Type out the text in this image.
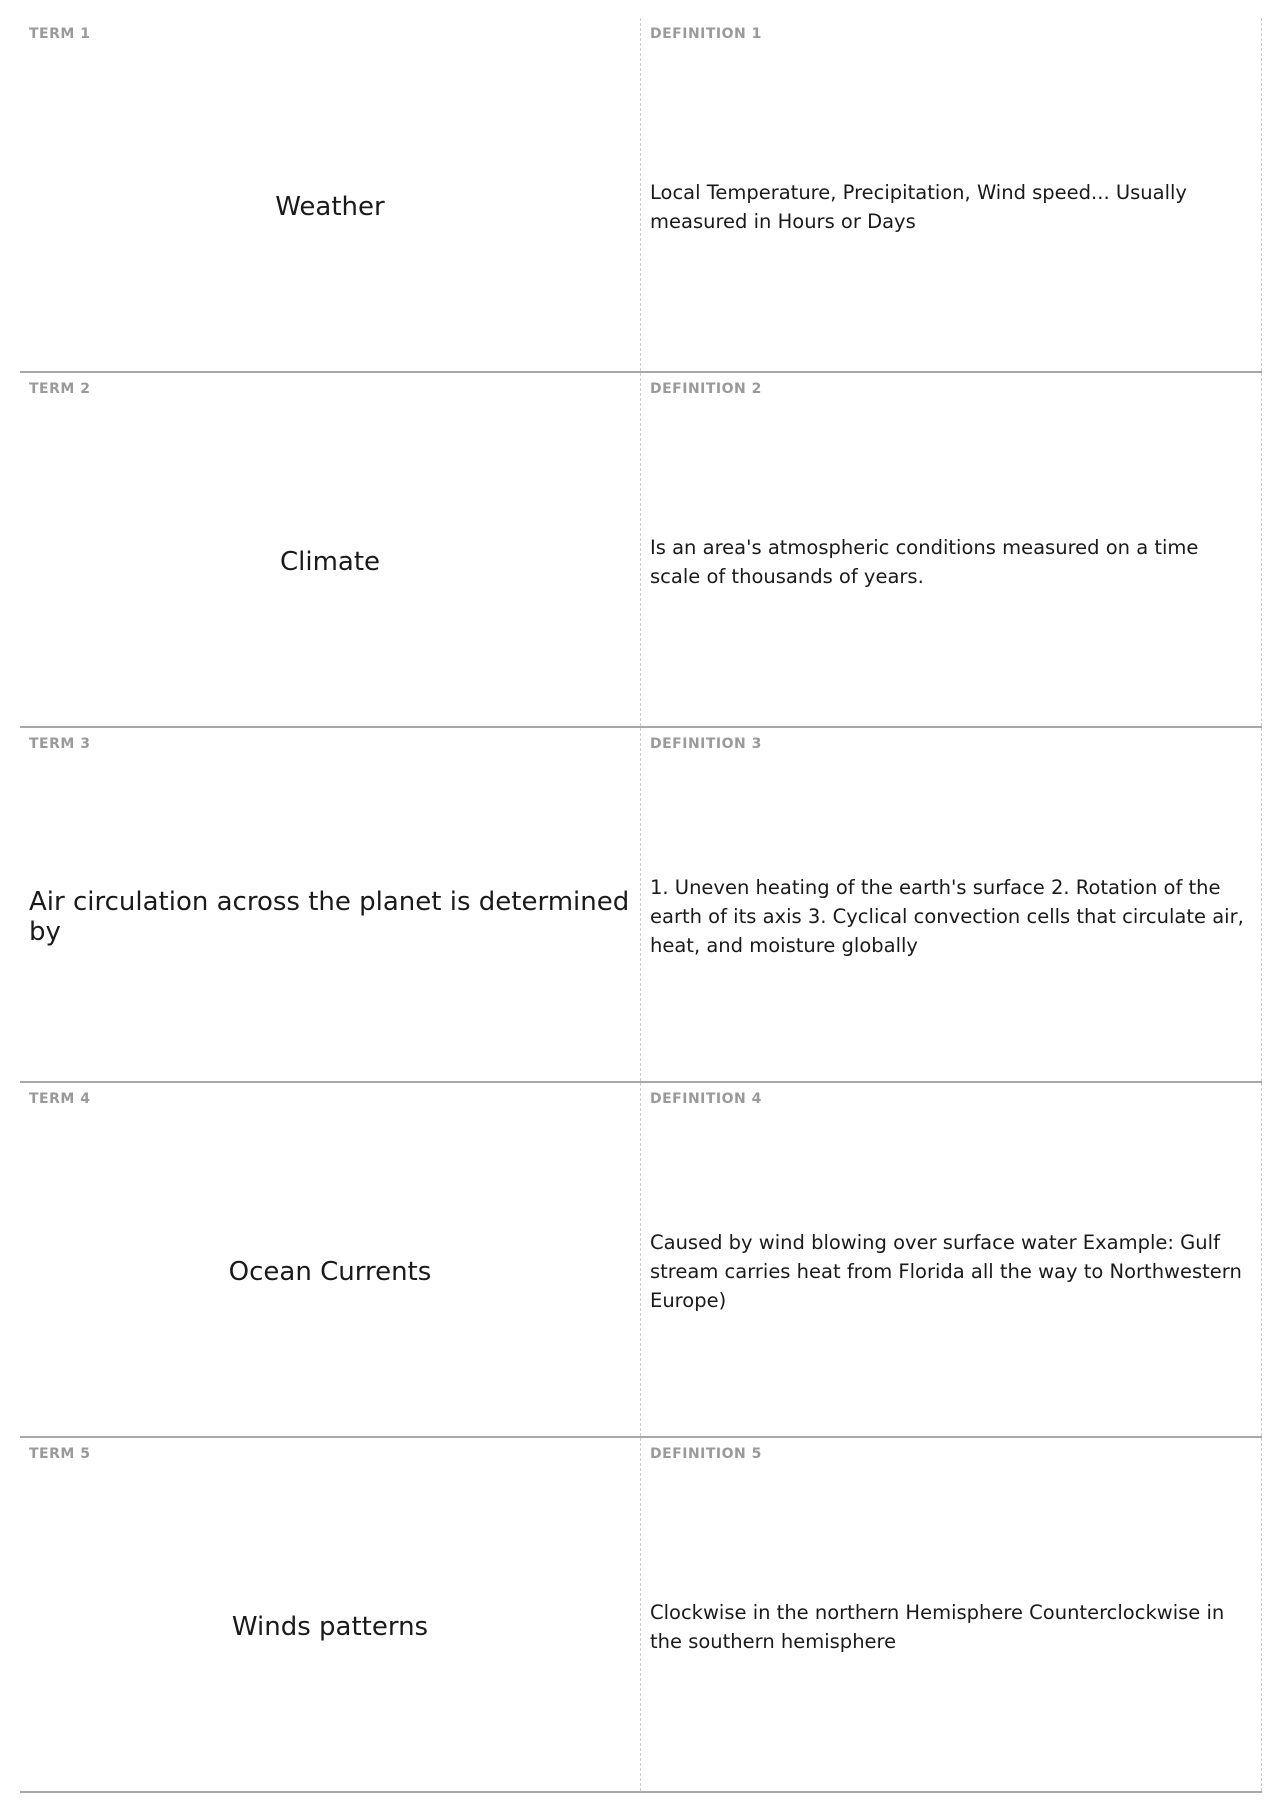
TERM 1
Weather
DEFINITION 1
Local Temperature, Precipitation, Wind speed... Usually measured in Hours or Days
TERM 2
Climate
DEFINITION 2
Is an area's atmospheric conditions measured on a time scale of thousands of years.
TERM 3
Air circulation across the planet is determined by
DEFINITION 3
1. Uneven heating of the earth's surface 2. Rotation of the earth of its axis 3. Cyclical convection cells that circulate air, heat, and moisture globally
TERM 4
Ocean Currents
DEFINITION 4
Caused by wind blowing over surface water Example: Gulf stream carries heat from Florida all the way to Northwestern Europe)
TERM 5
Winds patterns
DEFINITION 5
Clockwise in the northern Hemisphere Counterclockwise in the southern hemisphere
